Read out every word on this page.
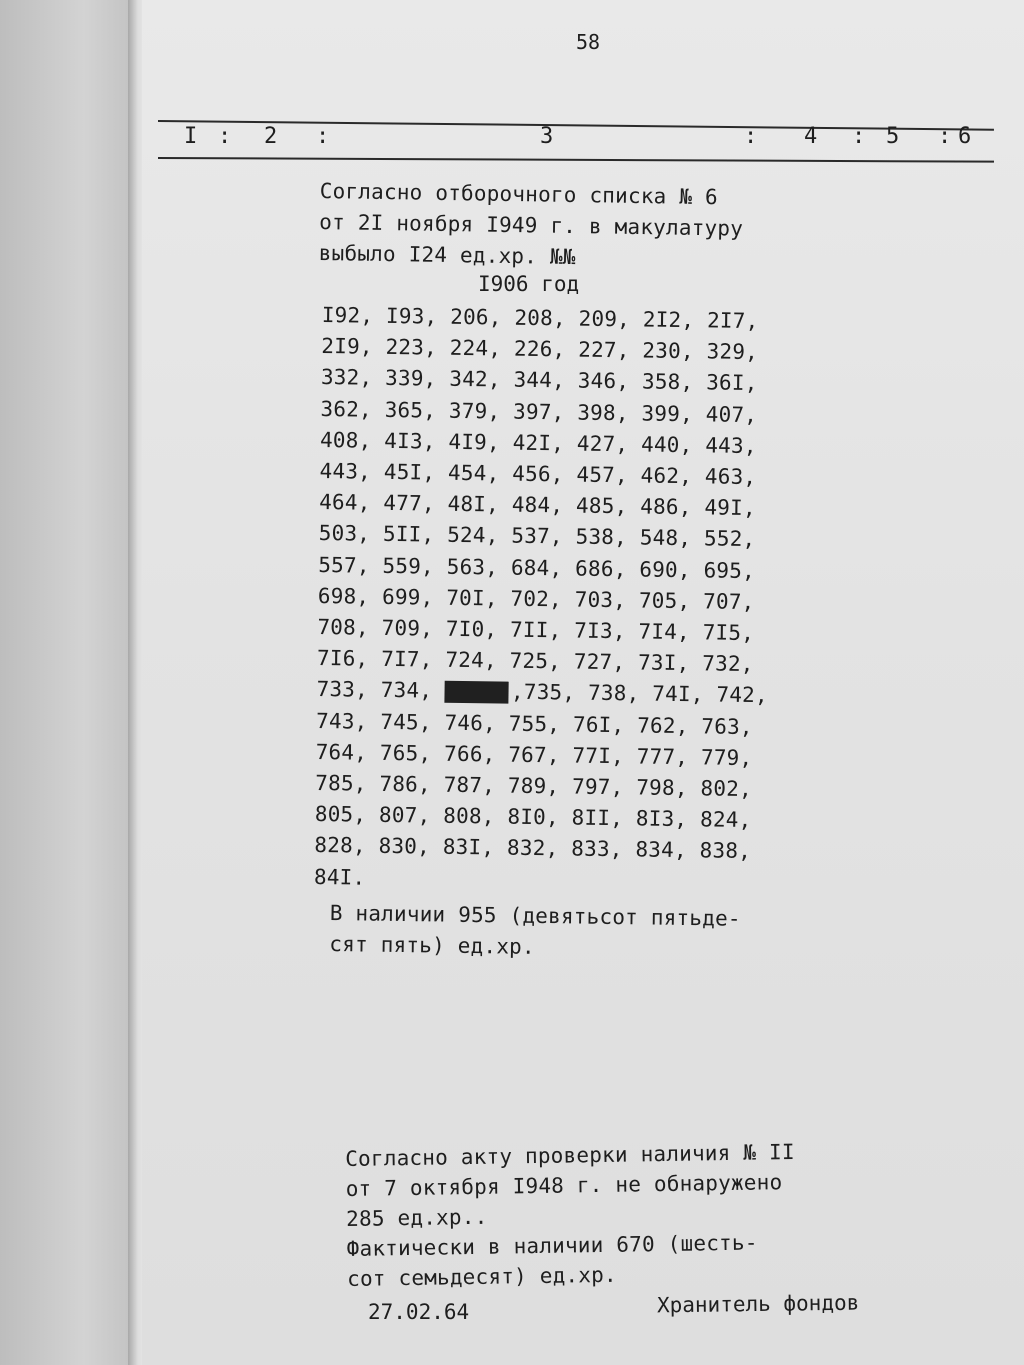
58
I : 2 :	3	: 4 : 5 : 6
Согласно отборочного списка № 6
от 2I ноября I949 г. в макулатуру
выбыло I24 ед.хр. №№
I906 год
I92, I93, 206, 208, 209, 2I2, 2I7,
2I9, 223, 224, 226, 227, 230, 329,
332, 339, 342, 344, 346, 358, 36I,
362, 365, 379, 397, 398, 399, 407,
408, 4I3, 4I9, 42I, 427, 440, 443,
443, 45I, 454, 456, 457, 462, 463,
464, 477, 48I, 484, 485, 486, 49I,
503, 5II, 524, 537, 538, 548, 552,
557, 559, 563, 684, 686, 690, 695,
698, 699, 70I, 702, 703, 705, 707,
708, 709, 7I0, 7II, 7I3, 7I4, 7I5,
7I6, 7I7, 724, 725, 727, 73I, 732,
733, 734,	,735, 738, 74I, 742,
743, 745, 746, 755, 76I, 762, 763,
764, 765, 766, 767, 77I, 777, 779,
785, 786, 787, 789, 797, 798, 802,
805, 807, 808, 8I0, 8II, 8I3, 824,
828, 830, 83I, 832, 833, 834, 838,
84I.
В наличии 955 (девятьсот пятьде-
сят пять) ед.хр.
Согласно акту проверки наличия № II
от 7 октября I948 г. не обнаружено
285 ед.хр..
Фактически в наличии 670 (шесть-
сот семьдесят) ед.хр.
27.02.64	Хранитель фондов
